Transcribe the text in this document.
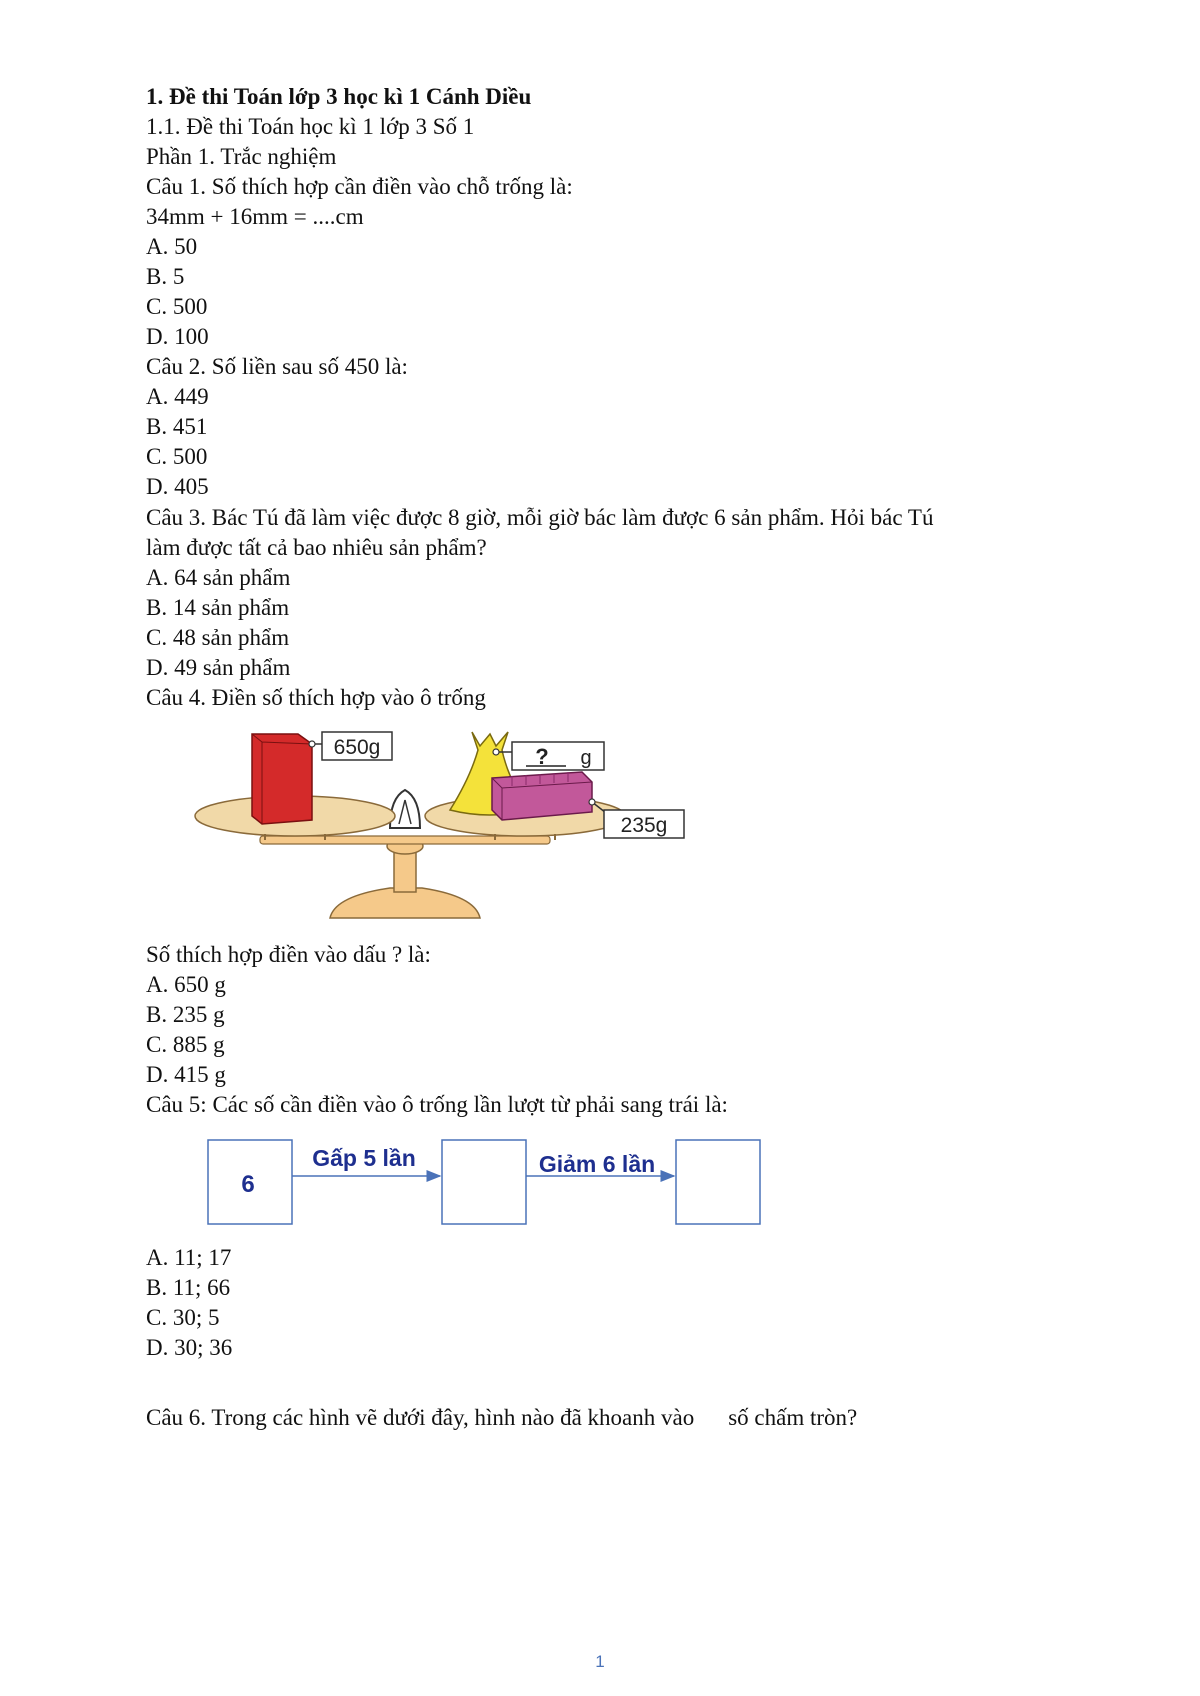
1. Đề thi Toán lớp 3 học kì 1 Cánh Diều
1.1. Đề thi Toán học kì 1 lớp 3 Số 1
Phần 1. Trắc nghiệm
Câu 1. Số thích hợp cần điền vào chỗ trống là:
34mm + 16mm = ....cm
A. 50
B. 5
C. 500
D. 100
Câu 2. Số liền sau số 450 là:
A. 449
B. 451
C. 500
D. 405
Câu 3. Bác Tú đã làm việc được 8 giờ, mỗi giờ bác làm được 6 sản phẩm. Hỏi bác Tú
làm được tất cả bao nhiêu sản phẩm?
A. 64 sản phẩm
B. 14 sản phẩm
C. 48 sản phẩm
D. 49 sản phẩm
Câu 4. Điền số thích hợp vào ô trống
650g	? g
235g
Số thích hợp điền vào dấu ? là:
A. 650 g
B. 235 g
C. 885 g
D. 415 g
Câu 5: Các số cần điền vào ô trống lần lượt từ phải sang trái là:
6
Gấp 5 lần	Giảm 6 lần
A. 11; 17
B. 11; 66
C. 30; 5
D. 30; 36
Câu 6. Trong các hình vẽ dưới đây, hình nào đã khoanh vào số chấm tròn?
1
